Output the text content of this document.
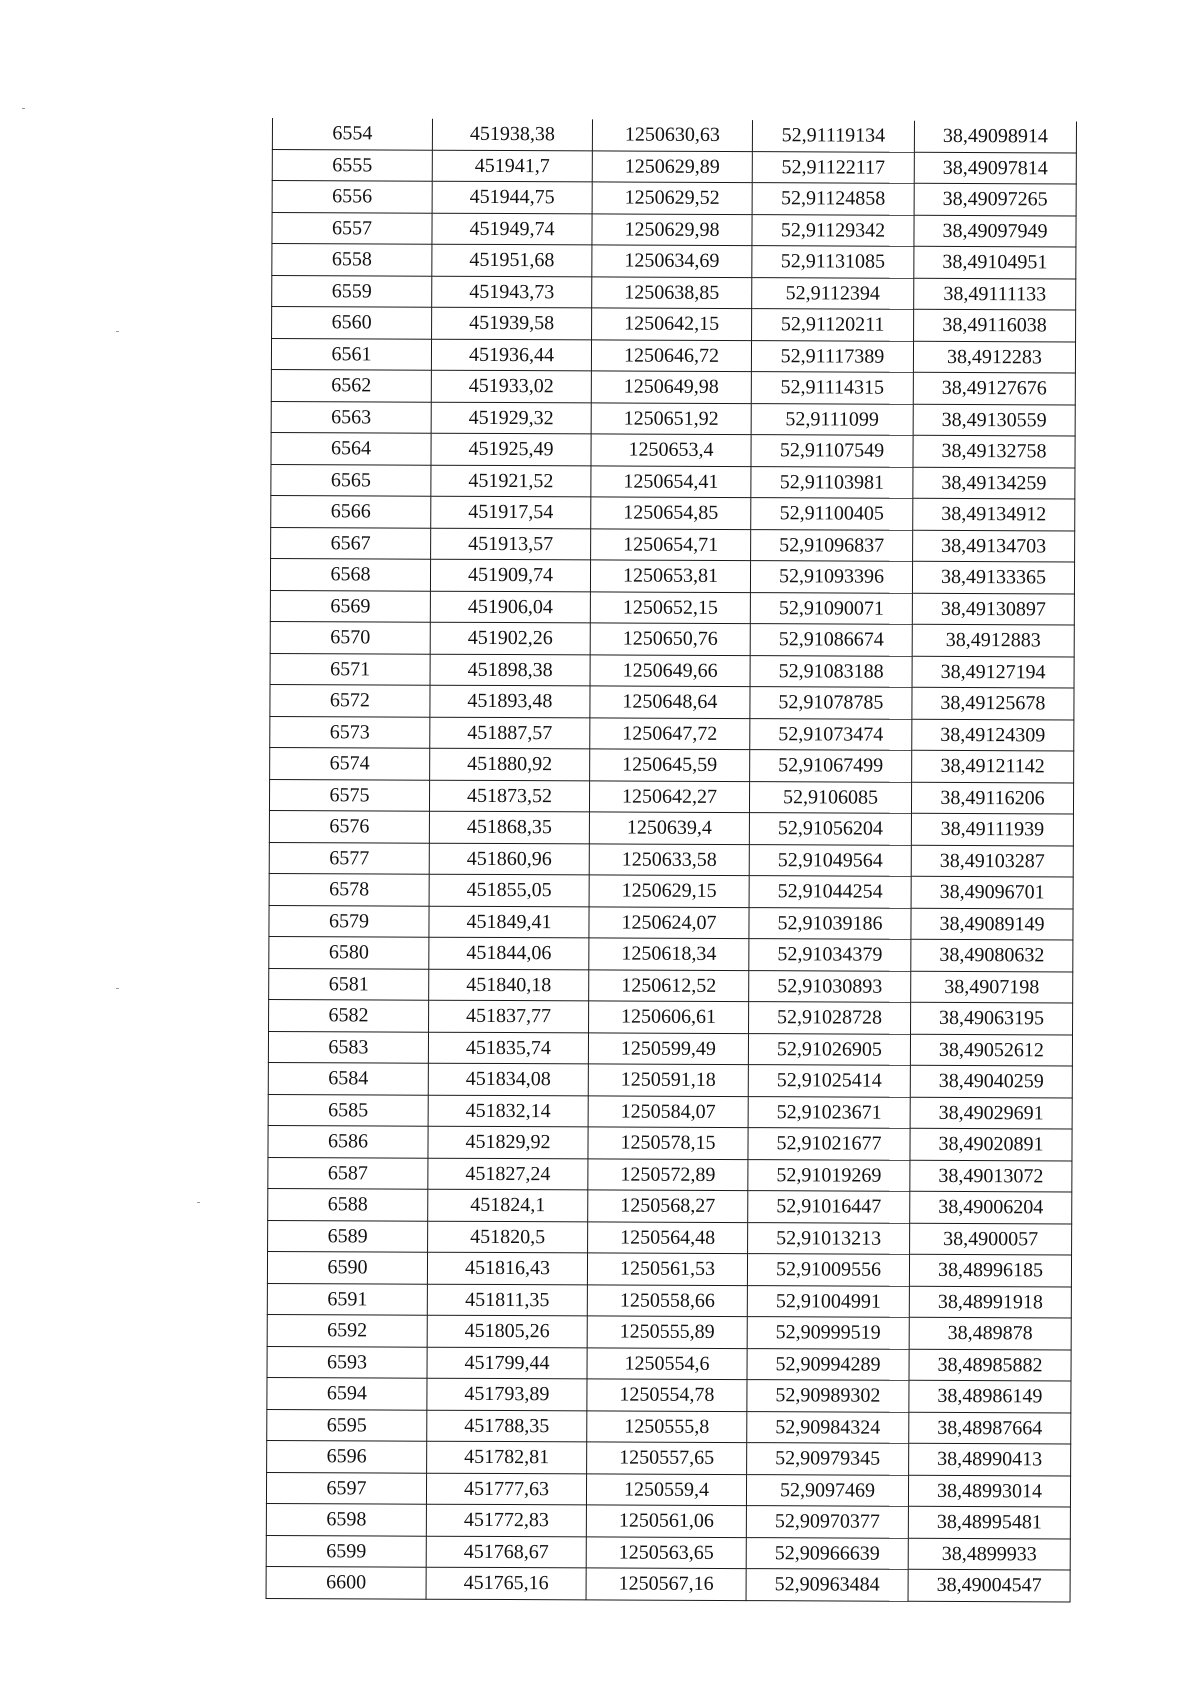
6554	451938,38	1250630,63	52,91119134	38,49098914
6555	451941,7	1250629,89	52,91122117	38,49097814
6556	451944,75	1250629,52	52,91124858	38,49097265
6557	451949,74	1250629,98	52,91129342	38,49097949
6558	451951,68	1250634,69	52,91131085	38,49104951
6559	451943,73	1250638,85	52,9112394	38,49111133
6560	451939,58	1250642,15	52,91120211	38,49116038
6561	451936,44	1250646,72	52,91117389	38,4912283
6562	451933,02	1250649,98	52,91114315	38,49127676
6563	451929,32	1250651,92	52,9111099	38,49130559
6564	451925,49	1250653,4	52,91107549	38,49132758
6565	451921,52	1250654,41	52,91103981	38,49134259
6566	451917,54	1250654,85	52,91100405	38,49134912
6567	451913,57	1250654,71	52,91096837	38,49134703
6568	451909,74	1250653,81	52,91093396	38,49133365
6569	451906,04	1250652,15	52,91090071	38,49130897
6570	451902,26	1250650,76	52,91086674	38,4912883
6571	451898,38	1250649,66	52,91083188	38,49127194
6572	451893,48	1250648,64	52,91078785	38,49125678
6573	451887,57	1250647,72	52,91073474	38,49124309
6574	451880,92	1250645,59	52,91067499	38,49121142
6575	451873,52	1250642,27	52,9106085	38,49116206
6576	451868,35	1250639,4	52,91056204	38,49111939
6577	451860,96	1250633,58	52,91049564	38,49103287
6578	451855,05	1250629,15	52,91044254	38,49096701
6579	451849,41	1250624,07	52,91039186	38,49089149
6580	451844,06	1250618,34	52,91034379	38,49080632
6581	451840,18	1250612,52	52,91030893	38,4907198
6582	451837,77	1250606,61	52,91028728	38,49063195
6583	451835,74	1250599,49	52,91026905	38,49052612
6584	451834,08	1250591,18	52,91025414	38,49040259
6585	451832,14	1250584,07	52,91023671	38,49029691
6586	451829,92	1250578,15	52,91021677	38,49020891
6587	451827,24	1250572,89	52,91019269	38,49013072
6588	451824,1	1250568,27	52,91016447	38,49006204
6589	451820,5	1250564,48	52,91013213	38,4900057
6590	451816,43	1250561,53	52,91009556	38,48996185
6591	451811,35	1250558,66	52,91004991	38,48991918
6592	451805,26	1250555,89	52,90999519	38,489878
6593	451799,44	1250554,6	52,90994289	38,48985882
6594	451793,89	1250554,78	52,90989302	38,48986149
6595	451788,35	1250555,8	52,90984324	38,48987664
6596	451782,81	1250557,65	52,90979345	38,48990413
6597	451777,63	1250559,4	52,9097469	38,48993014
6598	451772,83	1250561,06	52,90970377	38,48995481
6599	451768,67	1250563,65	52,90966639	38,4899933
6600	451765,16	1250567,16	52,90963484	38,49004547
